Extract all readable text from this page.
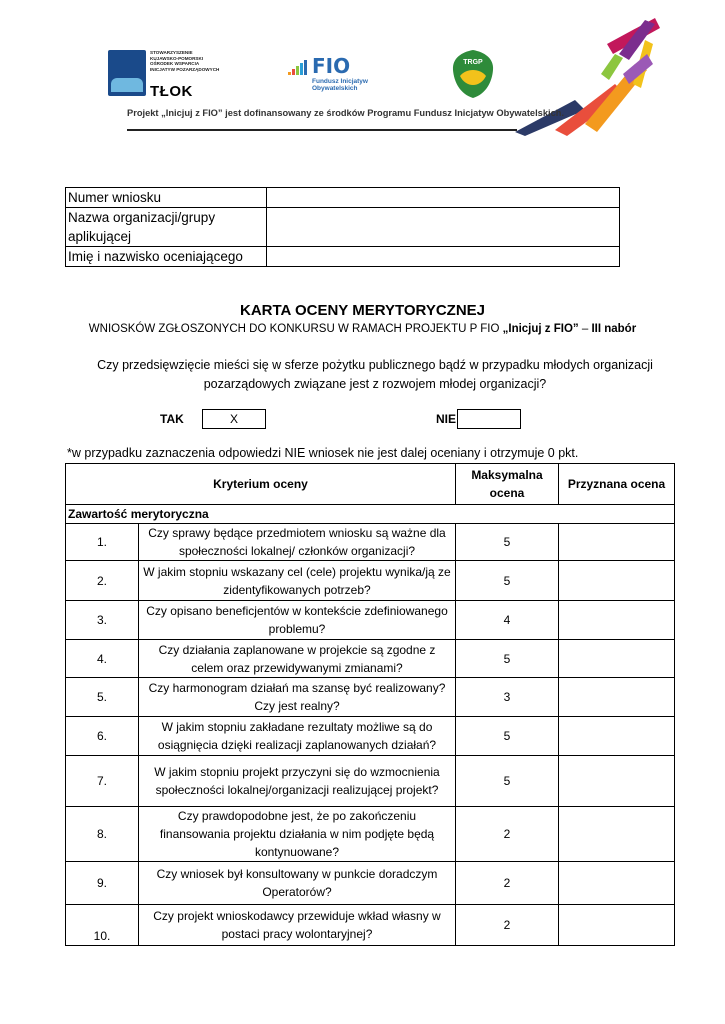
STOWARZYSZENIE KUJAWSKO-POMORSKI OŚRODEK WSPARCIA INICJATYW POZARZĄDOWYCH
TŁOK
FIO
Fundusz Inicjatyw Obywatelskich
TRGP
Projekt „Inicjuj z FIO” jest dofinansowany ze środków Programu Fundusz Inicjatyw Obywatelskich.
Numer wniosku	
Nazwa organizacji/grupy aplikującej	
Imię i nazwisko oceniającego	
KARTA OCENY MERYTORYCZNEJ
WNIOSKÓW ZGŁOSZONYCH DO KONKURSU W RAMACH PROJEKTU P FIO „Inicjuj z FIO” – III nabór
Czy przedsięwzięcie mieści się w sferze pożytku publicznego bądź w przypadku młodych organizacji pozarządowych związane jest z rozwojem młodej organizacji?
TAK	X	NIE
*w przypadku zaznaczenia odpowiedzi NIE wniosek nie jest dalej oceniany i otrzymuje 0 pkt.
Kryterium oceny		Maksymalna ocena	Przyznana ocena
Zawartość merytoryczna			
1.	Czy sprawy będące przedmiotem wniosku są ważne dla społeczności lokalnej/ członków organizacji?	5	
2.	W jakim stopniu wskazany cel (cele) projektu wynika/ją ze zidentyfikowanych potrzeb?	5	
3.	Czy opisano beneficjentów w kontekście zdefiniowanego problemu?	4	
4.	Czy działania zaplanowane w projekcie są zgodne z celem oraz przewidywanymi zmianami?	5	
5.	Czy harmonogram działań ma szansę być realizowany? Czy jest realny?	3	
6.	W jakim stopniu zakładane rezultaty możliwe są do osiągnięcia dzięki realizacji zaplanowanych działań?	5	
7.	W jakim stopniu projekt przyczyni się do wzmocnienia społeczności lokalnej/organizacji realizującej projekt?	5	
8.	Czy prawdopodobne jest, że po zakończeniu finansowania projektu działania w nim podjęte będą kontynuowane?	2	
9.	Czy wniosek był konsultowany w punkcie doradczym Operatorów?	2	
10.	Czy projekt wnioskodawcy przewiduje wkład własny w postaci pracy wolontaryjnej?	2	
